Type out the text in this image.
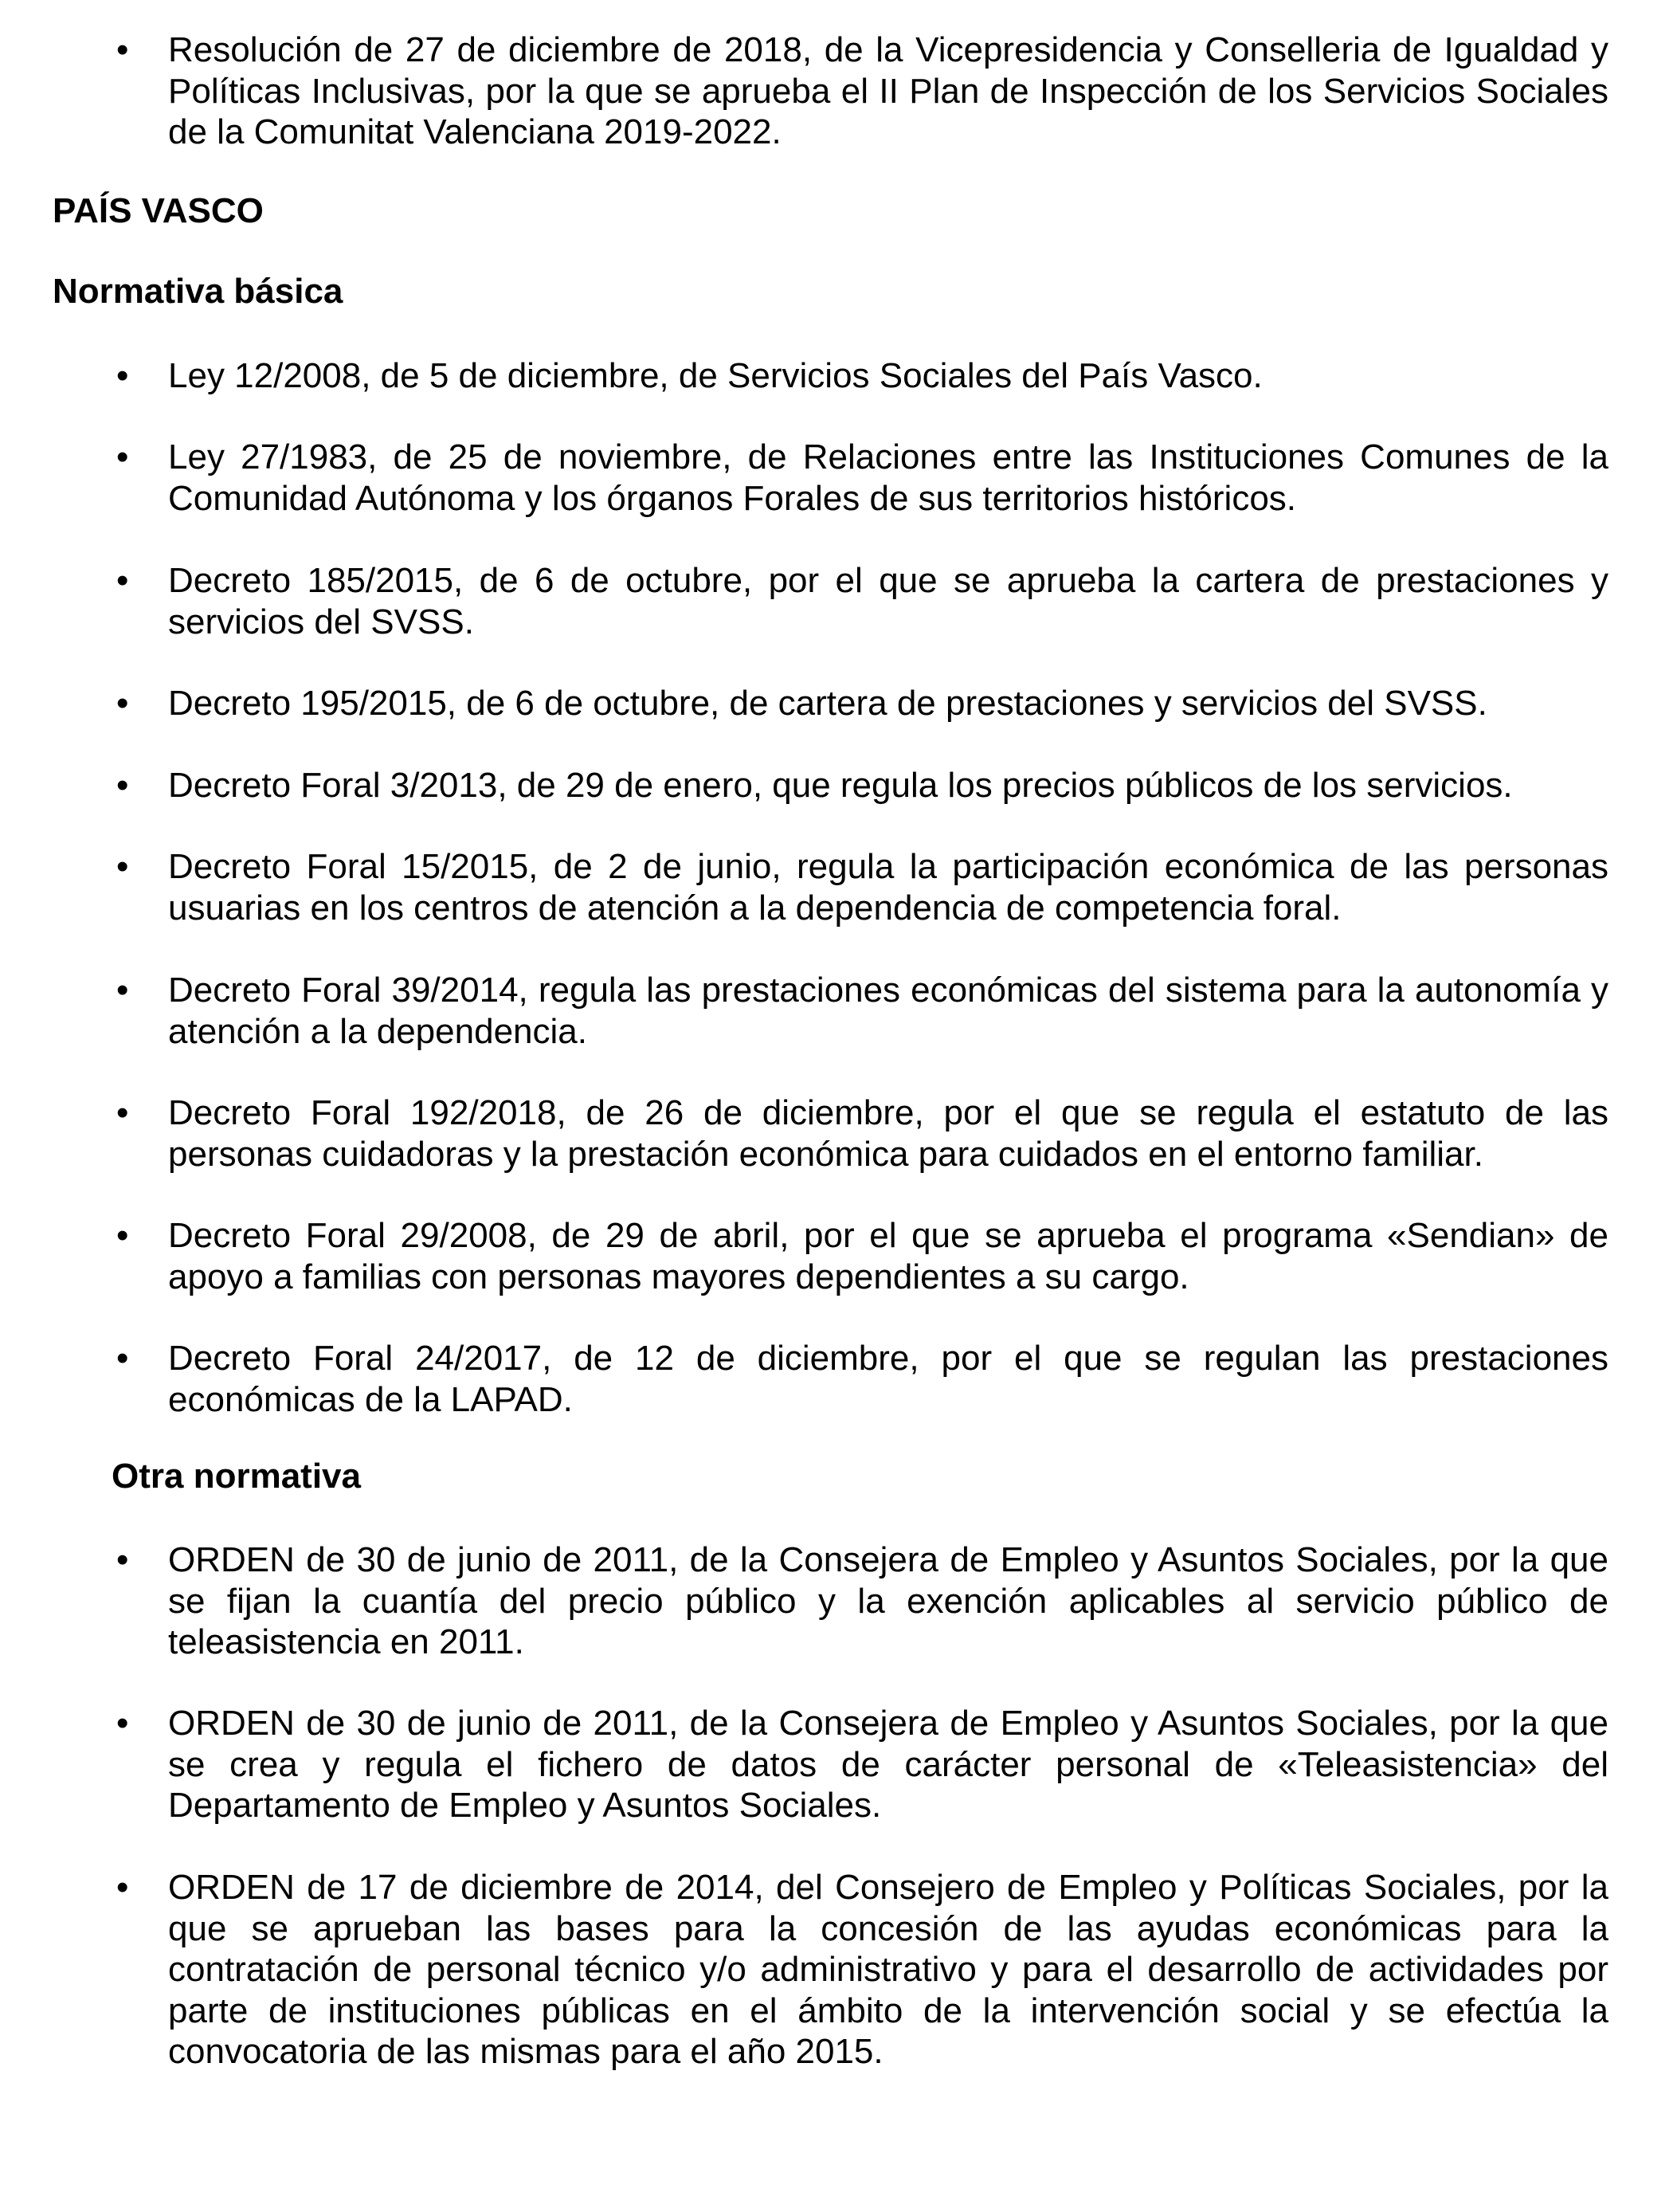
• Resolución de 27 de diciembre de 2018, de la Vicepresidencia y Conselleria de Igualdad y Políticas Inclusivas, por la que se aprueba el II Plan de Inspección de los Servicios Sociales de la Comunitat Valenciana 2019-2022.
PAÍS VASCO
Normativa básica
• Ley 12/2008, de 5 de diciembre, de Servicios Sociales del País Vasco.
• Ley 27/1983, de 25 de noviembre, de Relaciones entre las Instituciones Comunes de la Comunidad Autónoma y los órganos Forales de sus territorios históricos.
• Decreto 185/2015, de 6 de octubre, por el que se aprueba la cartera de prestaciones y servicios del SVSS.
• Decreto 195/2015, de 6 de octubre, de cartera de prestaciones y servicios del SVSS.
• Decreto Foral 3/2013, de 29 de enero, que regula los precios públicos de los servicios.
• Decreto Foral 15/2015, de 2 de junio, regula la participación económica de las personas usuarias en los centros de atención a la dependencia de competencia foral.
• Decreto Foral 39/2014, regula las prestaciones económicas del sistema para la autonomía y atención a la dependencia.
• Decreto Foral 192/2018, de 26 de diciembre, por el que se regula el estatuto de las personas cuidadoras y la prestación económica para cuidados en el entorno familiar.
• Decreto Foral 29/2008, de 29 de abril, por el que se aprueba el programa «Sendian» de apoyo a familias con personas mayores dependientes a su cargo.
• Decreto Foral 24/2017, de 12 de diciembre, por el que se regulan las prestaciones económicas de la LAPAD.
Otra normativa
• ORDEN de 30 de junio de 2011, de la Consejera de Empleo y Asuntos Sociales, por la que se fijan la cuantía del precio público y la exención aplicables al servicio público de teleasistencia en 2011.
• ORDEN de 30 de junio de 2011, de la Consejera de Empleo y Asuntos Sociales, por la que se crea y regula el fichero de datos de carácter personal de «Teleasistencia» del Departamento de Empleo y Asuntos Sociales.
• ORDEN de 17 de diciembre de 2014, del Consejero de Empleo y Políticas Sociales, por la que se aprueban las bases para la concesión de las ayudas económicas para la contratación de personal técnico y/o administrativo y para el desarrollo de actividades por parte de instituciones públicas en el ámbito de la intervención social y se efectúa la convocatoria de las mismas para el año 2015.
